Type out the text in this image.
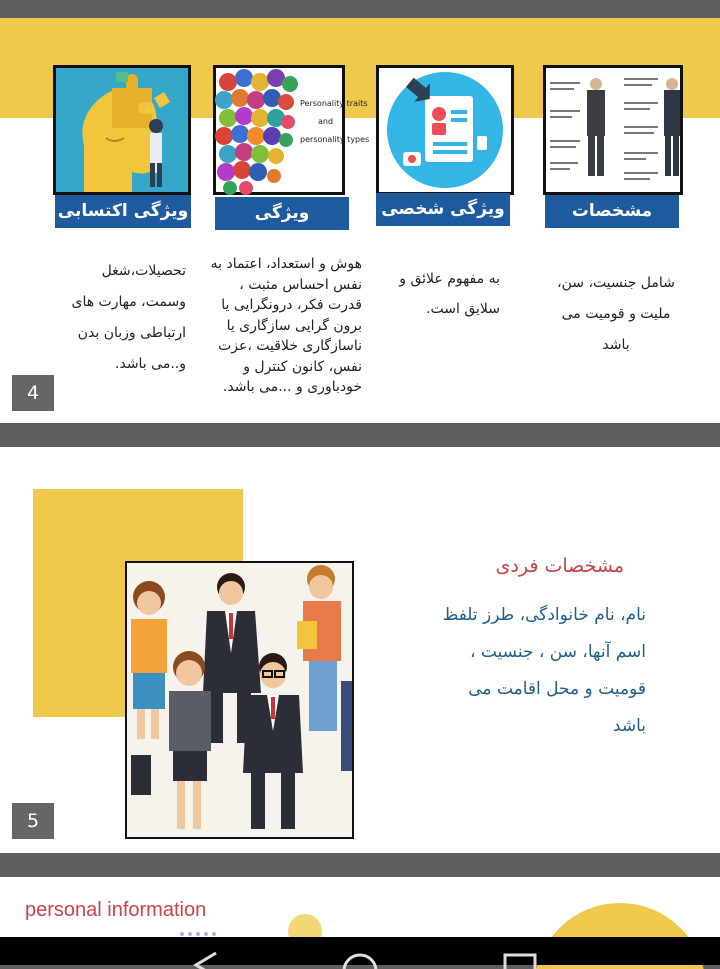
ویژگی اکتسابی
Personality traits
and
personality types
ویژگی	ویژگی شخصی	مشخصات
تحصیلات،شغل
وسمت، مهارت های
ارتباطی وزبان بدن
و..می باشد.
هوش و استعداد، اعتماد به
نفس احساس مثبت ،
قدرت فکر، درونگرایی یا
برون گرایی سازگاری یا
ناسازگاری خلاقیت ،عزت
نفس، کانون کنترل و
خودباوری و ...می باشد.
به مفهوم علائق و
سلایق است.
شامل جنسیت، سن،
ملیت و قومیت می
باشد
4
مشخصات فردی
نام، نام خانوادگی، طرز تلفظ
اسم آنها، سن ، جنسیت ،
قومیت و محل اقامت می
باشد
5
personal information
